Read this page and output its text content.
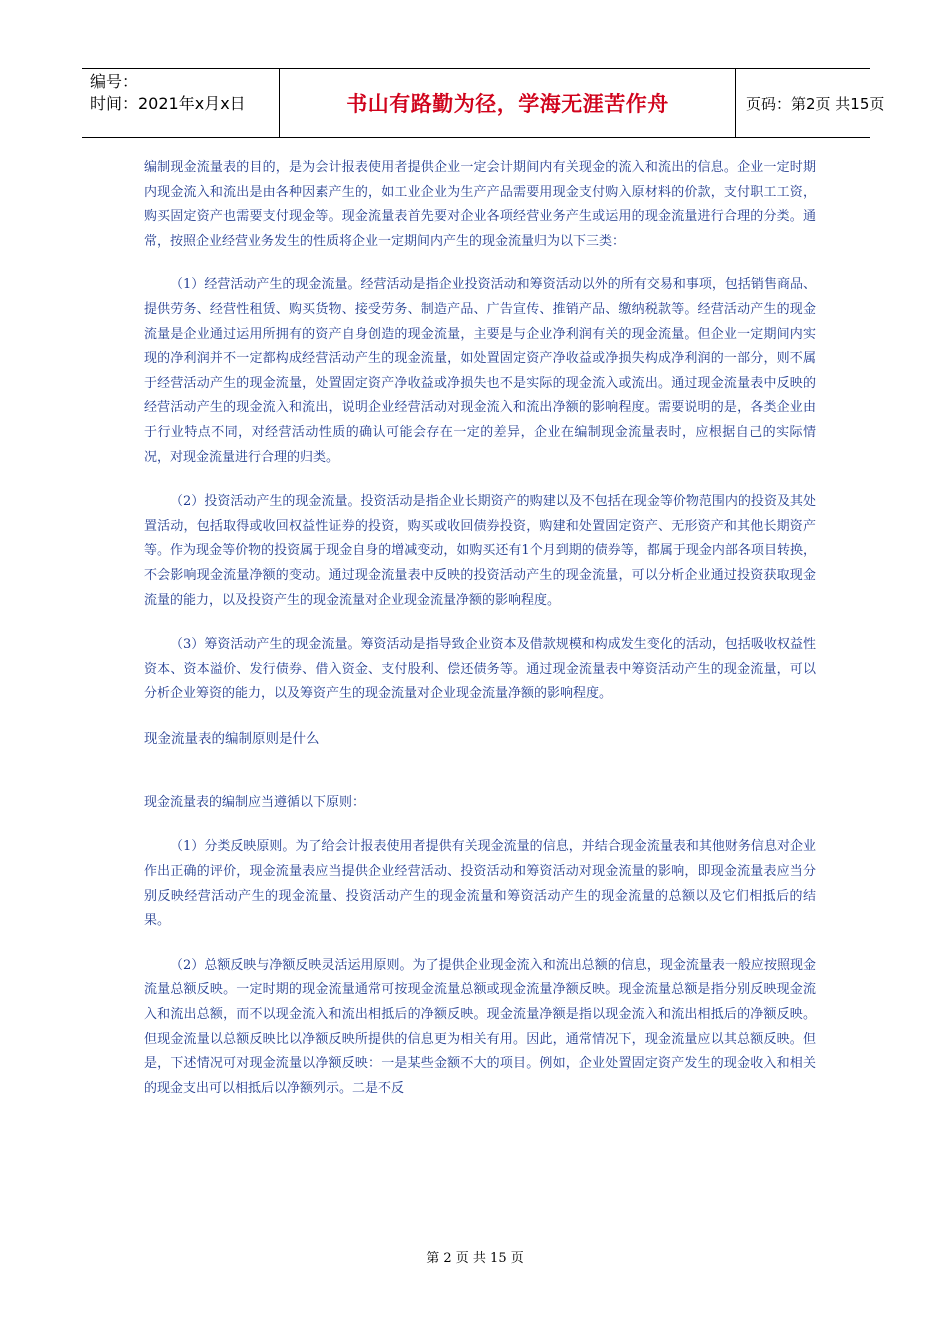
编号：
时间：2021年x月x日	书山有路勤为径，学海无涯苦作舟	页码：第2页 共15页

编制现金流量表的目的，是为会计报表使用者提供企业一定会计期间内有关现金的流入和流出的信息。企业一定时期内现金流入和流出是由各种因素产生的，如工业企业为生产产品需要用现金支付购入原材料的价款，支付职工工资，购买固定资产也需要支付现金等。现金流量表首先要对企业各项经营业务产生或运用的现金流量进行合理的分类。通常，按照企业经营业务发生的性质将企业一定期间内产生的现金流量归为以下三类：

（1）经营活动产生的现金流量。经营活动是指企业投资活动和筹资活动以外的所有交易和事项，包括销售商品、提供劳务、经营性租赁、购买货物、接受劳务、制造产品、广告宣传、推销产品、缴纳税款等。经营活动产生的现金流量是企业通过运用所拥有的资产自身创造的现金流量，主要是与企业净利润有关的现金流量。但企业一定期间内实现的净利润并不一定都构成经营活动产生的现金流量，如处置固定资产净收益或净损失构成净利润的一部分，则不属于经营活动产生的现金流量，处置固定资产净收益或净损失也不是实际的现金流入或流出。通过现金流量表中反映的经营活动产生的现金流入和流出，说明企业经营活动对现金流入和流出净额的影响程度。需要说明的是，各类企业由于行业特点不同，对经营活动性质的确认可能会存在一定的差异，企业在编制现金流量表时，应根据自己的实际情况，对现金流量进行合理的归类。

（2）投资活动产生的现金流量。投资活动是指企业长期资产的购建以及不包括在现金等价物范围内的投资及其处置活动，包括取得或收回权益性证券的投资，购买或收回债券投资，购建和处置固定资产、无形资产和其他长期资产等。作为现金等价物的投资属于现金自身的增减变动，如购买还有1个月到期的债券等，都属于现金内部各项目转换，不会影响现金流量净额的变动。通过现金流量表中反映的投资活动产生的现金流量，可以分析企业通过投资获取现金流量的能力，以及投资产生的现金流量对企业现金流量净额的影响程度。

（3）筹资活动产生的现金流量。筹资活动是指导致企业资本及借款规模和构成发生变化的活动，包括吸收权益性资本、资本溢价、发行债券、借入资金、支付股利、偿还债务等。通过现金流量表中筹资活动产生的现金流量，可以分析企业筹资的能力，以及筹资产生的现金流量对企业现金流量净额的影响程度。

现金流量表的编制原则是什么

现金流量表的编制应当遵循以下原则：

（1）分类反映原则。为了给会计报表使用者提供有关现金流量的信息，并结合现金流量表和其他财务信息对企业作出正确的评价，现金流量表应当提供企业经营活动、投资活动和筹资活动对现金流量的影响，即现金流量表应当分别反映经营活动产生的现金流量、投资活动产生的现金流量和筹资活动产生的现金流量的总额以及它们相抵后的结果。

（2）总额反映与净额反映灵活运用原则。为了提供企业现金流入和流出总额的信息，现金流量表一般应按照现金流量总额反映。一定时期的现金流量通常可按现金流量总额或现金流量净额反映。现金流量总额是指分别反映现金流入和流出总额，而不以现金流入和流出相抵后的净额反映。现金流量净额是指以现金流入和流出相抵后的净额反映。但现金流量以总额反映比以净额反映所提供的信息更为相关有用。因此，通常情况下，现金流量应以其总额反映。但是，下述情况可对现金流量以净额反映：一是某些金额不大的项目。例如，企业处置固定资产发生的现金收入和相关的现金支出可以相抵后以净额列示。二是不反

第 2 页 共 15 页
